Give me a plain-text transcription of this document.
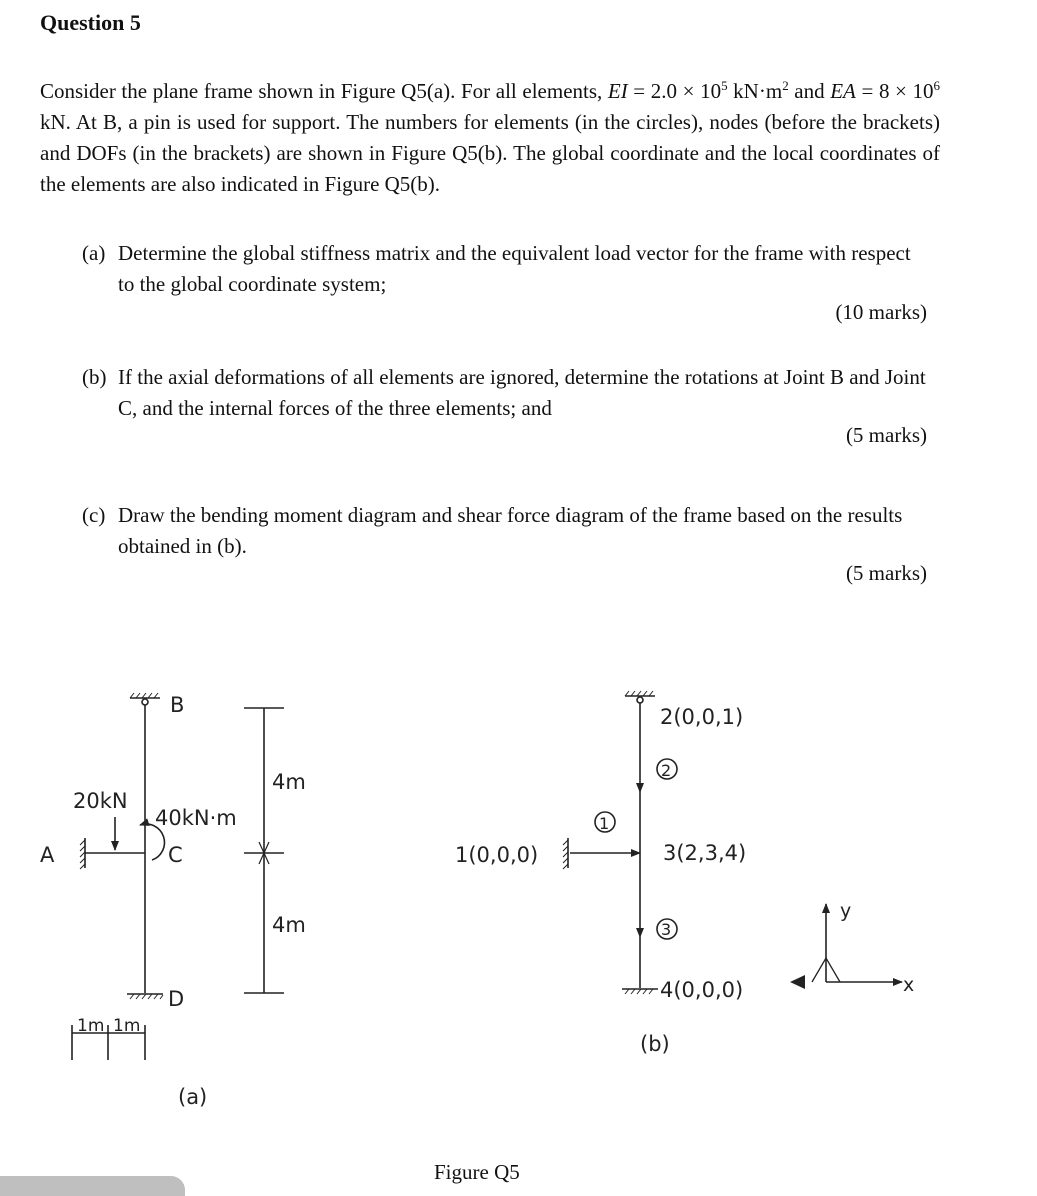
Question 5
Consider the plane frame shown in Figure Q5(a). For all elements, EI = $2.0 \times 10^5$ $kN\cdot m^2$ and EA = $8 \times 10^6$ kN. At B, a pin is used for support. The numbers for elements (in the circles), nodes (before the brackets) and DOFs (in the brackets) are shown in Figure Q5(b). The global coordinate and the local coordinates of the elements are also indicated in Figure Q5(b).
(a) Determine the global stiffness matrix and the equivalent load vector for the frame with respect to the global coordinate system;
(10 marks)
(b) If the axial deformations of all elements are ignored, determine the rotations at Joint B and Joint C, and the internal forces of the three elements; and
(5 marks)
(c) Draw the bending moment diagram and shear force diagram of the frame based on the results obtained in (b).
(5 marks)
B
A	C
D
20kN
40kN·m
4m
4m
1m 1m
(a)
2(0,0,1)
2
1
1(0,0,0)	3(2,3,4)
3
4(0,0,0)
y
x
(b)
Figure Q5
